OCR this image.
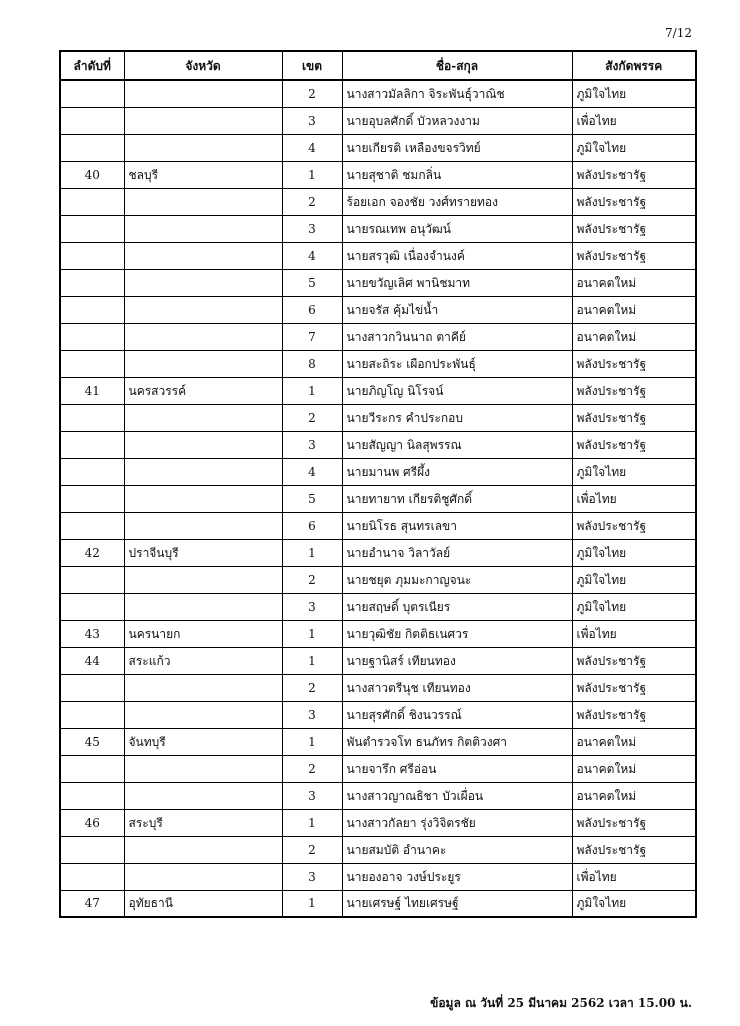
7/12
ลำดับที่	จังหวัด	เขต	ชื่อ-สกุล	สังกัดพรรค
		2	นางสาวมัลลิกา จิระพันธุ์วาณิช	ภูมิใจไทย
		3	นายอุบลศักดิ์ บัวหลวงงาม	เพื่อไทย
		4	นายเกียรติ เหลืองขจรวิทย์	ภูมิใจไทย
40	ชลบุรี	1	นายสุชาติ ชมกลิ่น	พลังประชารัฐ
		2	ร้อยเอก จองชัย วงศ์ทรายทอง	พลังประชารัฐ
		3	นายรณเทพ อนุวัฒน์	พลังประชารัฐ
		4	นายสรวุฒิ เนื่องจำนงค์	พลังประชารัฐ
		5	นายขวัญเลิศ พานิชมาท	อนาคตใหม่
		6	นายจรัส คุ้มไข่น้ำ	อนาคตใหม่
		7	นางสาวกวินนาถ ตาคีย์	อนาคตใหม่
		8	นายสะถิระ เผือกประพันธุ์	พลังประชารัฐ
41	นครสวรรค์	1	นายภิญโญ นิโรจน์	พลังประชารัฐ
		2	นายวีระกร คำประกอบ	พลังประชารัฐ
		3	นายสัญญา นิลสุพรรณ	พลังประชารัฐ
		4	นายมานพ ศรีผึ้ง	ภูมิใจไทย
		5	นายทายาท เกียรติชูศักดิ์	เพื่อไทย
		6	นายนิโรธ สุนทรเลขา	พลังประชารัฐ
42	ปราจีนบุรี	1	นายอำนาจ วิลาวัลย์	ภูมิใจไทย
		2	นายชยุต ภุมมะกาญจนะ	ภูมิใจไทย
		3	นายสฤษดิ์ บุตรเนียร	ภูมิใจไทย
43	นครนายก	1	นายวุฒิชัย กิตติธเนศวร	เพื่อไทย
44	สระแก้ว	1	นายฐานิสร์ เทียนทอง	พลังประชารัฐ
		2	นางสาวตรีนุช เทียนทอง	พลังประชารัฐ
		3	นายสุรศักดิ์ ชิงนวรรณ์	พลังประชารัฐ
45	จันทบุรี	1	พันตำรวจโท ธนภัทร กิตติวงศา	อนาคตใหม่
		2	นายจารึก ศรีอ่อน	อนาคตใหม่
		3	นางสาวญาณธิชา บัวเผื่อน	อนาคตใหม่
46	สระบุรี	1	นางสาวกัลยา รุ่งวิจิตรชัย	พลังประชารัฐ
		2	นายสมบัติ อำนาคะ	พลังประชารัฐ
		3	นายองอาจ วงษ์ประยูร	เพื่อไทย
47	อุทัยธานี	1	นายเศรษฐ์ ไทยเศรษฐ์	ภูมิใจไทย
ข้อมูล ณ วันที่ 25 มีนาคม 2562 เวลา 15.00 น.
